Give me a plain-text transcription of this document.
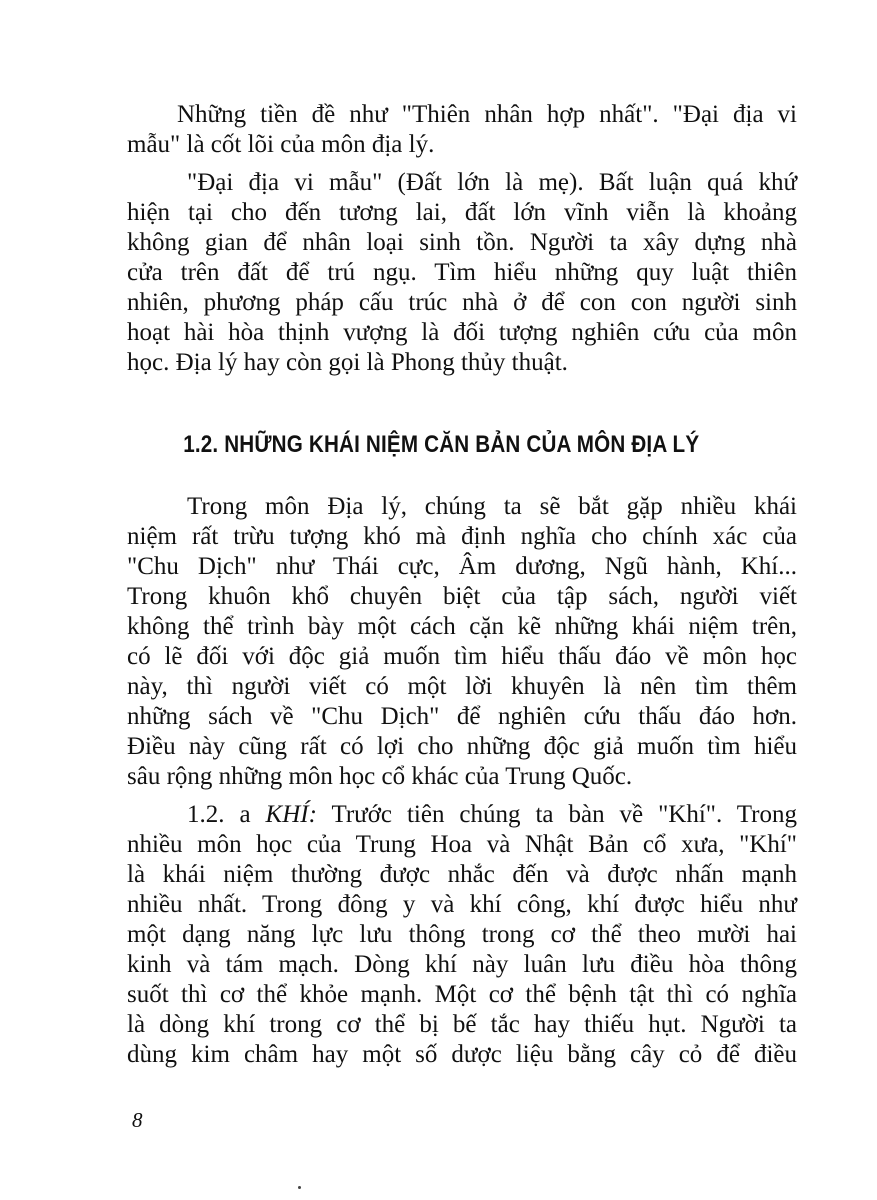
Những tiền đề như "Thiên nhân hợp nhất". "Đại địa vi
mẫu" là cốt lõi của môn địa lý.
"Đại địa vi mẫu" (Đất lớn là mẹ). Bất luận quá khứ
hiện tại cho đến tương lai, đất lớn vĩnh viễn là khoảng
không gian để nhân loại sinh tồn. Người ta xây dựng nhà
cửa trên đất để trú ngụ. Tìm hiểu những quy luật thiên
nhiên, phương pháp cấu trúc nhà ở để con con người sinh
hoạt hài hòa thịnh vượng là đối tượng nghiên cứu của môn
học. Địa lý hay còn gọi là Phong thủy thuật.
1.2. NHỮNG KHÁI NIỆM CĂN BẢN CỦA MÔN ĐỊA LÝ
Trong môn Địa lý, chúng ta sẽ bắt gặp nhiều khái
niệm rất trừu tượng khó mà định nghĩa cho chính xác của
"Chu Dịch" như Thái cực, Âm dương, Ngũ hành, Khí...
Trong khuôn khổ chuyên biệt của tập sách, người viết
không thể trình bày một cách cặn kẽ những khái niệm trên,
có lẽ đối với độc giả muốn tìm hiểu thấu đáo về môn học
này, thì người viết có một lời khuyên là nên tìm thêm
những sách về "Chu Dịch" để nghiên cứu thấu đáo hơn.
Điều này cũng rất có lợi cho những độc giả muốn tìm hiểu
sâu rộng những môn học cổ khác của Trung Quốc.
1.2. a KHÍ: Trước tiên chúng ta bàn về "Khí". Trong
nhiều môn học của Trung Hoa và Nhật Bản cổ xưa, "Khí"
là khái niệm thường được nhắc đến và được nhấn mạnh
nhiều nhất. Trong đông y và khí công, khí được hiểu như
một dạng năng lực lưu thông trong cơ thể theo mười hai
kinh và tám mạch. Dòng khí này luân lưu điều hòa thông
suốt thì cơ thể khỏe mạnh. Một cơ thể bệnh tật thì có nghĩa
là dòng khí trong cơ thể bị bế tắc hay thiếu hụt. Người ta
dùng kim châm hay một số dược liệu bằng cây cỏ để điều
8
